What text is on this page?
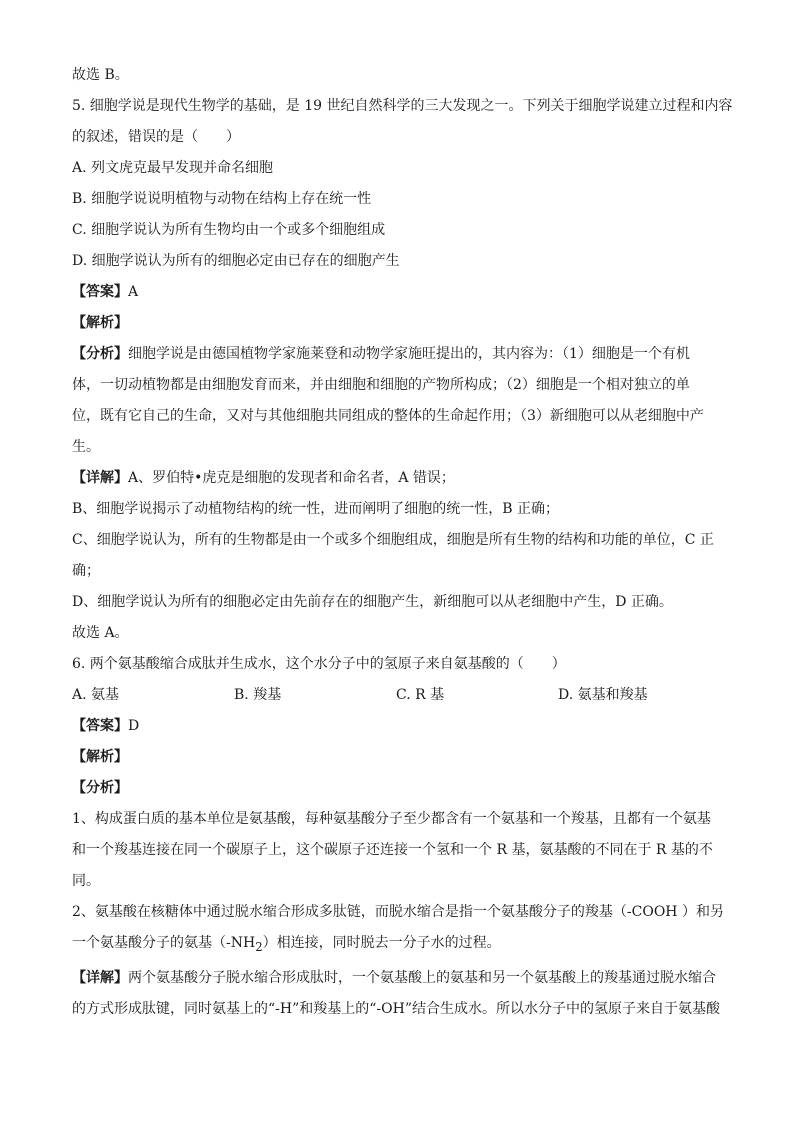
故选 B。
5. 细胞学说是现代生物学的基础，是 19 世纪自然科学的三大发现之一。下列关于细胞学说建立过程和内容
的叙述，错误的是（　　）
A. 列文虎克最早发现并命名细胞
B. 细胞学说说明植物与动物在结构上存在统一性
C. 细胞学说认为所有生物均由一个或多个细胞组成
D. 细胞学说认为所有的细胞必定由已存在的细胞产生
【答案】A
【解析】
【分析】细胞学说是由德国植物学家施莱登和动物学家施旺提出的，其内容为：（1）细胞是一个有机
体，一切动植物都是由细胞发育而来，并由细胞和细胞的产物所构成；（2）细胞是一个相对独立的单
位，既有它自己的生命，又对与其他细胞共同组成的整体的生命起作用；（3）新细胞可以从老细胞中产
生。
【详解】A、罗伯特•虎克是细胞的发现者和命名者，A 错误；
B、细胞学说揭示了动植物结构的统一性，进而阐明了细胞的统一性，B 正确；
C、细胞学说认为，所有的生物都是由一个或多个细胞组成，细胞是所有生物的结构和功能的单位，C 正
确；
D、细胞学说认为所有的细胞必定由先前存在的细胞产生，新细胞可以从老细胞中产生，D 正确。
故选 A。
6. 两个氨基酸缩合成肽并生成水，这个水分子中的氢原子来自氨基酸的（　　）
A. 氨基	B. 羧基	C. R 基	D. 氨基和羧基
【答案】D
【解析】
【分析】
1、构成蛋白质的基本单位是氨基酸，每种氨基酸分子至少都含有一个氨基和一个羧基，且都有一个氨基
和一个羧基连接在同一个碳原子上，这个碳原子还连接一个氢和一个 R 基，氨基酸的不同在于 R 基的不
同。
2、氨基酸在核糖体中通过脱水缩合形成多肽链，而脱水缩合是指一个氨基酸分子的羧基（-COOH ）和另
一个氨基酸分子的氨基$(-NH_2)$相连接，同时脱去一分子水的过程。
【详解】两个氨基酸分子脱水缩合形成肽时，一个氨基酸上的氨基和另一个氨基酸上的羧基通过脱水缩合
的方式形成肽键，同时氨基上的“-H”和羧基上的“-OH”结合生成水。所以水分子中的氢原子来自于氨基酸
